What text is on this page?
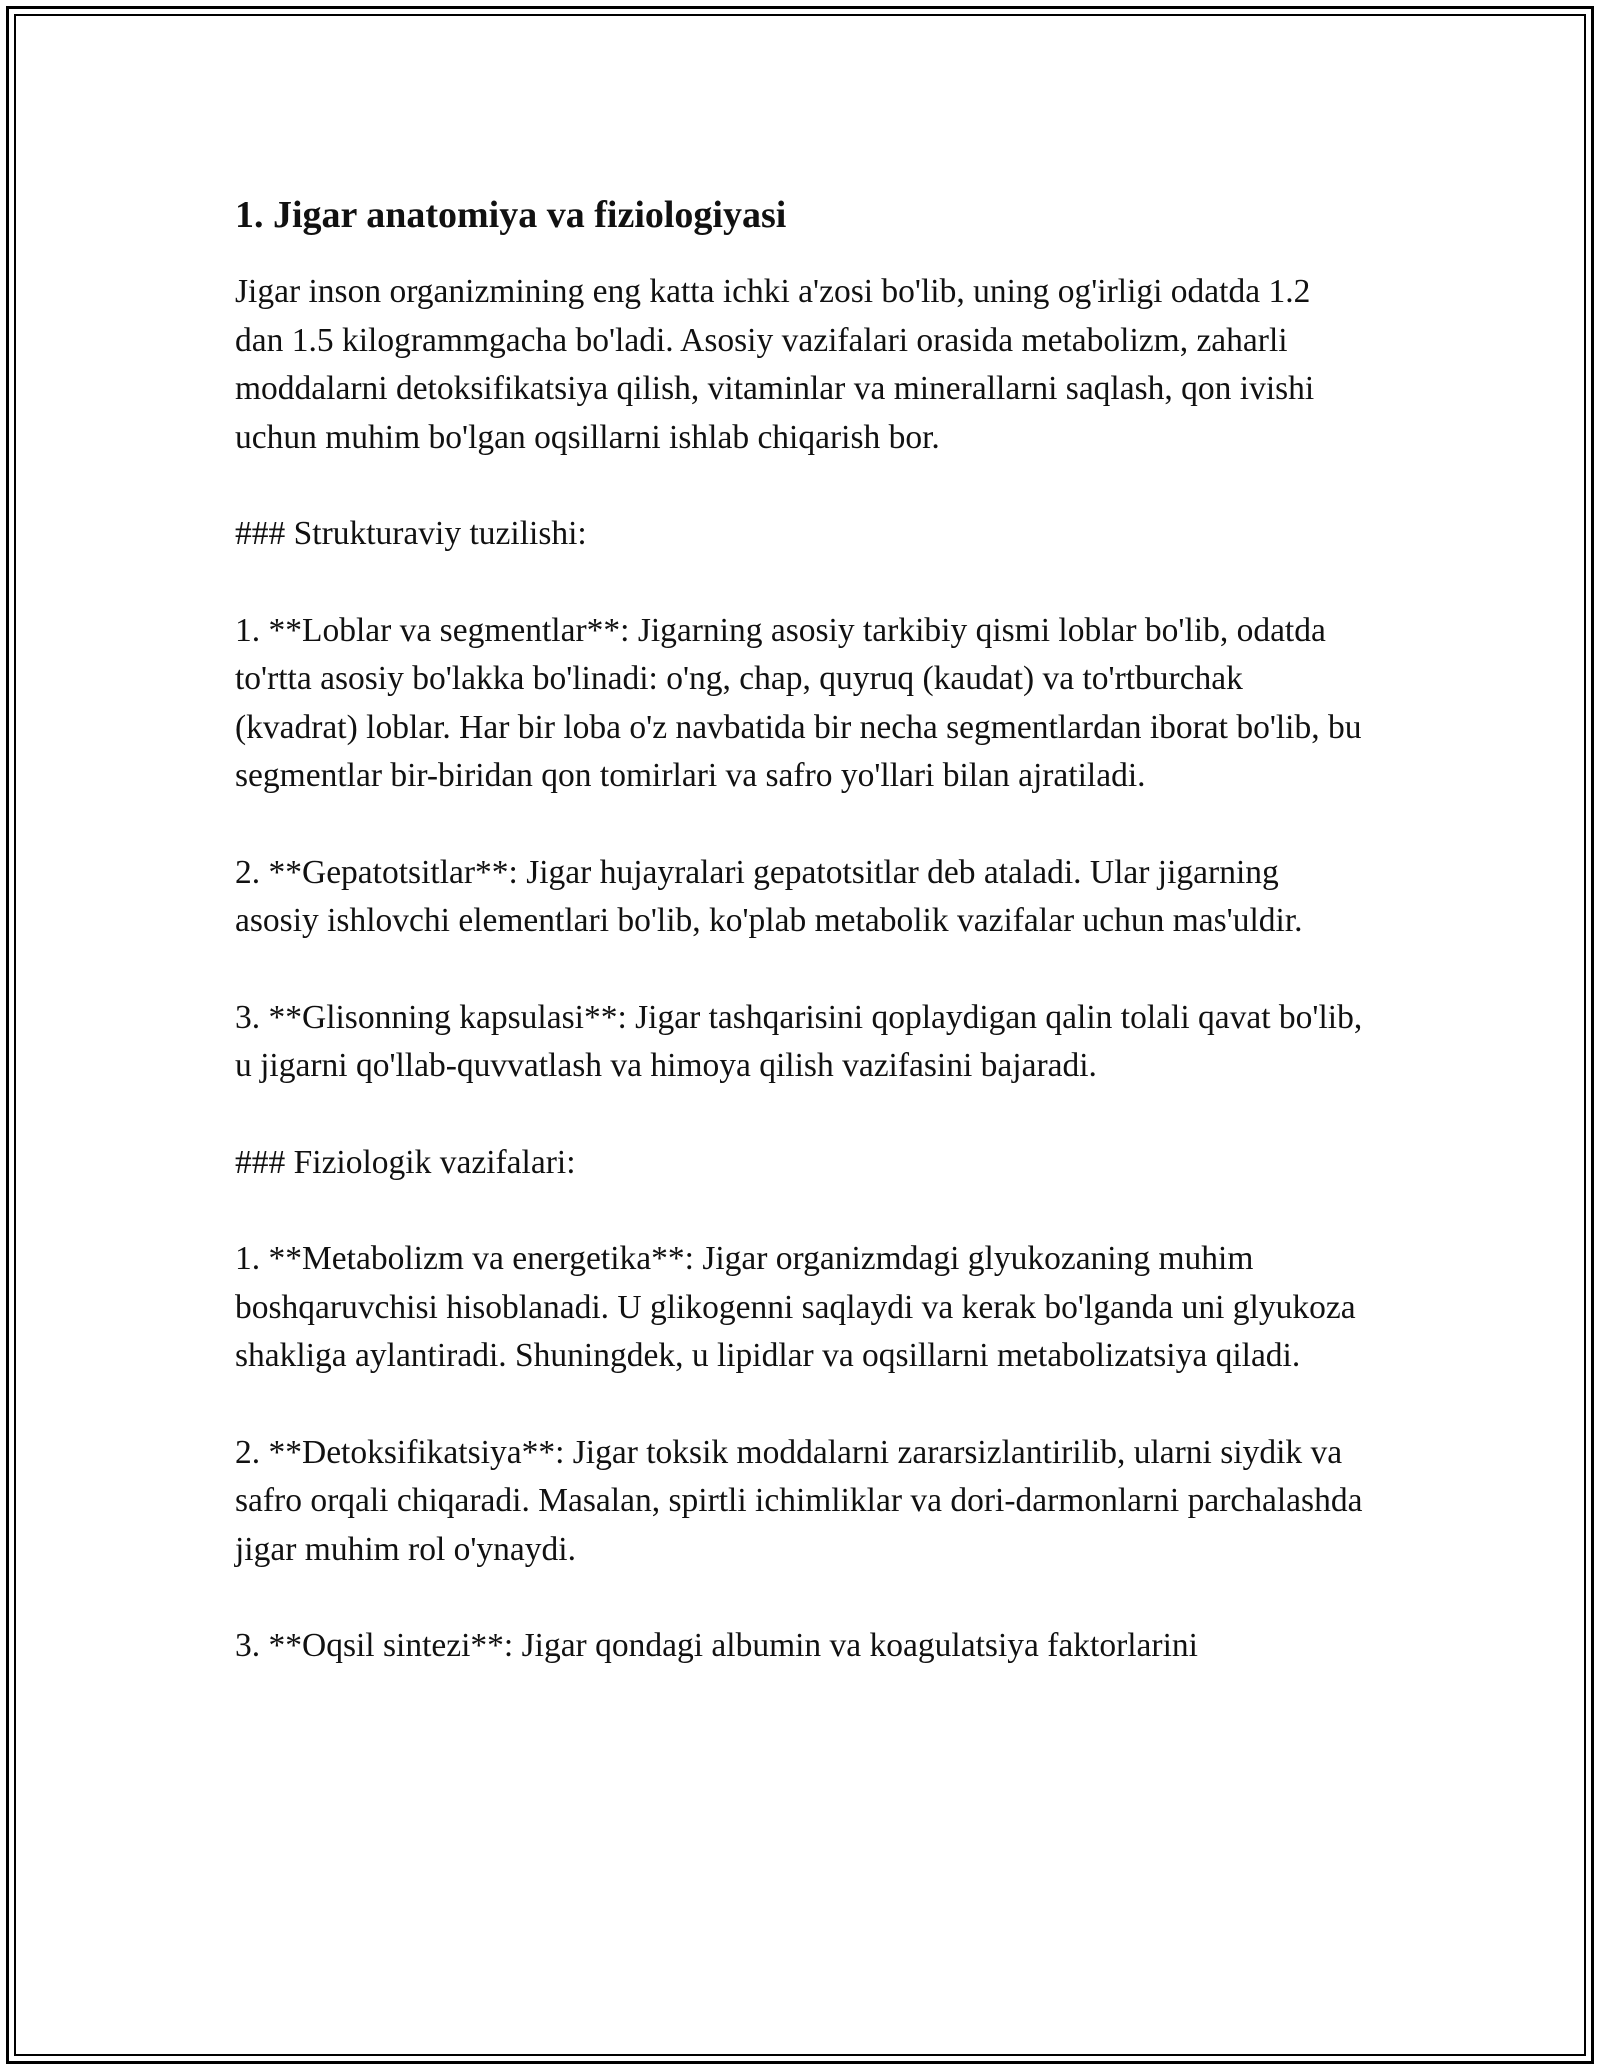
1. Jigar anatomiya va fiziologiyasi

Jigar inson organizmining eng katta ichki a'zosi bo'lib, uning og'irligi odatda 1.2 dan 1.5 kilogrammgacha bo'ladi. Asosiy vazifalari orasida metabolizm, zaharli moddalarni detoksifikatsiya qilish, vitaminlar va minerallarni saqlash, qon ivishi uchun muhim bo'lgan oqsillarni ishlab chiqarish bor.

### Strukturaviy tuzilishi:

1. **Loblar va segmentlar**: Jigarning asosiy tarkibiy qismi loblar bo'lib, odatda to'rtta asosiy bo'lakka bo'linadi: o'ng, chap, quyruq (kaudat) va to'rtburchak (kvadrat) loblar. Har bir loba o'z navbatida bir necha segmentlardan iborat bo'lib, bu segmentlar bir-biridan qon tomirlari va safro yo'llari bilan ajratiladi.

2. **Gepatotsitlar**: Jigar hujayralari gepatotsitlar deb ataladi. Ular jigarning asosiy ishlovchi elementlari bo'lib, ko'plab metabolik vazifalar uchun mas'uldir.

3. **Glisonning kapsulasi**: Jigar tashqarisini qoplaydigan qalin tolali qavat bo'lib, u jigarni qo'llab-quvvatlash va himoya qilish vazifasini bajaradi.

### Fiziologik vazifalari:

1. **Metabolizm va energetika**: Jigar organizmdagi glyukozaning muhim boshqaruvchisi hisoblanadi. U glikogenni saqlaydi va kerak bo'lganda uni glyukoza shakliga aylantiradi. Shuningdek, u lipidlar va oqsillarni metabolizatsiya qiladi.

2. **Detoksifikatsiya**: Jigar toksik moddalarni zararsizlantirilib, ularni siydik va safro orqali chiqaradi. Masalan, spirtli ichimliklar va dori-darmonlarni parchalashda jigar muhim rol o'ynaydi.

3. **Oqsil sintezi**: Jigar qondagi albumin va koagulatsiya faktorlarini
